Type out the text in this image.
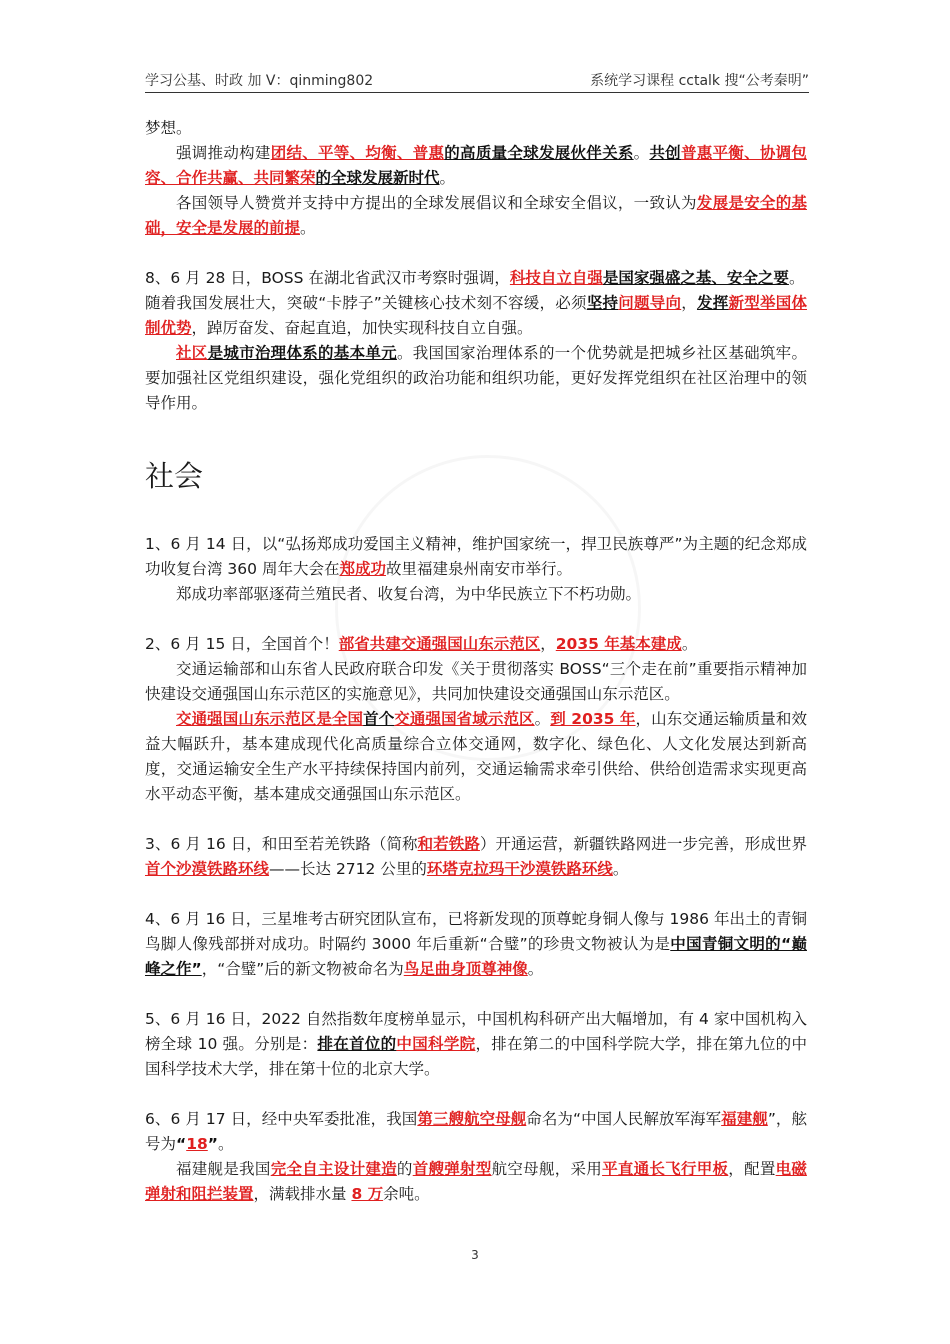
学习公基、时政 加 V：qinming802	系统学习课程 cctalk 搜“公考秦明”

梦想。

强调推动构建团结、平等、均衡、普惠的高质量全球发展伙伴关系。共创普惠平衡、协调包容、合作共赢、共同繁荣的全球发展新时代。

各国领导人赞赏并支持中方提出的全球发展倡议和全球安全倡议，一致认为发展是安全的基础，安全是发展的前提。

8、6 月 28 日，BOSS 在湖北省武汉市考察时强调，科技自立自强是国家强盛之基、安全之要。

随着我国发展壮大，突破“卡脖子”关键核心技术刻不容缓，必须坚持问题导向，发挥新型举国体制优势，踔厉奋发、奋起直追，加快实现科技自立自强。

社区是城市治理体系的基本单元。我国国家治理体系的一个优势就是把城乡社区基础筑牢。要加强社区党组织建设，强化党组织的政治功能和组织功能，更好发挥党组织在社区治理中的领导作用。

社会

1、6 月 14 日，以“弘扬郑成功爱国主义精神，维护国家统一，捍卫民族尊严”为主题的纪念郑成功收复台湾 360 周年大会在郑成功故里福建泉州南安市举行。

郑成功率部驱逐荷兰殖民者、收复台湾，为中华民族立下不朽功勋。

2、6 月 15 日，全国首个！部省共建交通强国山东示范区，2035 年基本建成。

交通运输部和山东省人民政府联合印发《关于贯彻落实 BOSS“三个走在前”重要指示精神加快建设交通强国山东示范区的实施意见》，共同加快建设交通强国山东示范区。

交通强国山东示范区是全国首个交通强国省域示范区。到 2035 年，山东交通运输质量和效益大幅跃升，基本建成现代化高质量综合立体交通网，数字化、绿色化、人文化发展达到新高度，交通运输安全生产水平持续保持国内前列，交通运输需求牵引供给、供给创造需求实现更高水平动态平衡，基本建成交通强国山东示范区。

3、6 月 16 日，和田至若羌铁路（简称和若铁路）开通运营，新疆铁路网进一步完善，形成世界首个沙漠铁路环线——长达 2712 公里的环塔克拉玛干沙漠铁路环线。

4、6 月 16 日，三星堆考古研究团队宣布，已将新发现的顶尊蛇身铜人像与 1986 年出土的青铜鸟脚人像残部拼对成功。时隔约 3000 年后重新“合璧”的珍贵文物被认为是中国青铜文明的“巅峰之作”，“合璧”后的新文物被命名为鸟足曲身顶尊神像。

5、6 月 16 日，2022 自然指数年度榜单显示，中国机构科研产出大幅增加，有 4 家中国机构入榜全球 10 强。分别是：排在首位的中国科学院，排在第二的中国科学院大学，排在第九位的中国科学技术大学，排在第十位的北京大学。

6、6 月 17 日，经中央军委批准，我国第三艘航空母舰命名为“中国人民解放军海军福建舰”，舷号为“18”。

福建舰是我国完全自主设计建造的首艘弹射型航空母舰，采用平直通长飞行甲板，配置电磁弹射和阻拦装置，满载排水量 8 万余吨。

3
